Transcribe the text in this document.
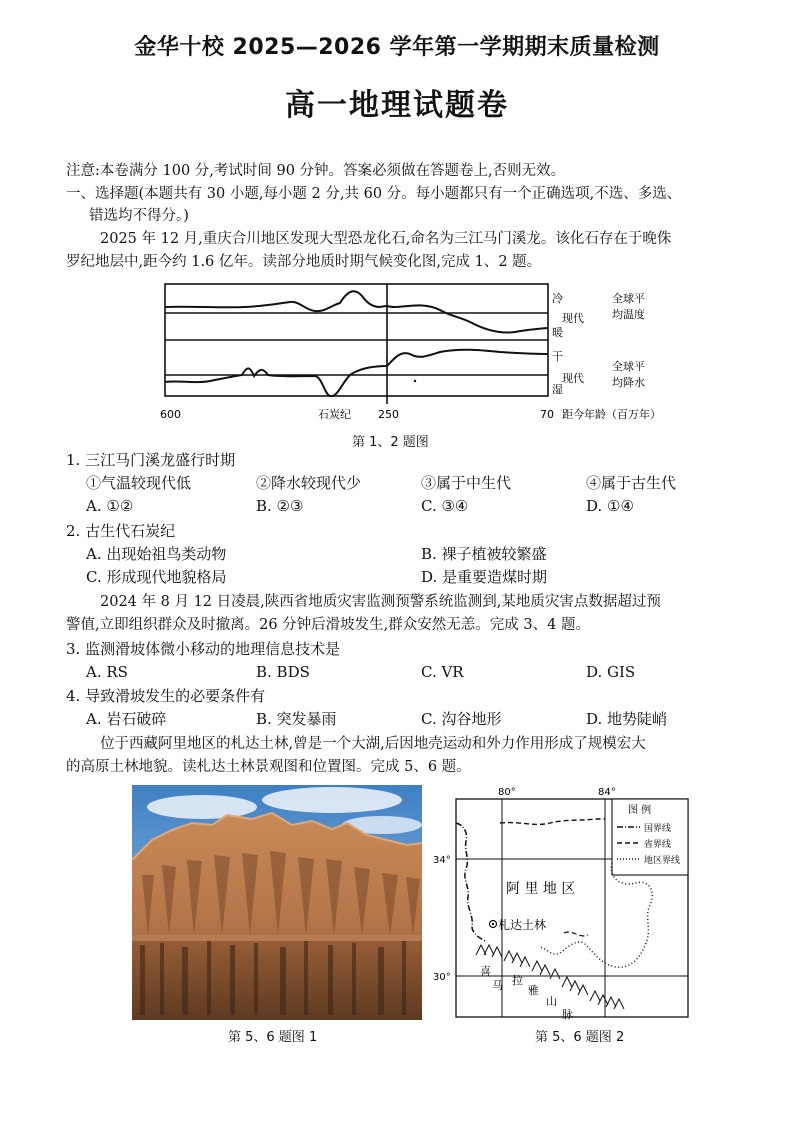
金华十校 2025—2026 学年第一学期期末质量检测
高一地理试题卷
注意:本卷满分 100 分,考试时间 90 分钟。答案必须做在答题卷上,否则无效。
一、选择题(本题共有 30 小题,每小题 2 分,共 60 分。每小题都只有一个正确选项,不选、多选、
错选均不得分。)
2025 年 12 月,重庆合川地区发现大型恐龙化石,命名为三江马门溪龙。该化石存在于晚侏
罗纪地层中,距今约 1.6 亿年。读部分地质时期气候变化图,完成 1、2 题。
冷
暖
现代
全球平
均温度
干
湿
现代
全球平
均降水
600	石炭纪 250	70 距今年龄（百万年）
第 1、2 题图
1. 三江马门溪龙盛行时期
①气温较现代低	②降水较现代少	③属于中生代	④属于古生代
A. ①②	B. ②③	C. ③④	D. ①④
2. 古生代石炭纪
A. 出现始祖鸟类动物	B. 裸子植被较繁盛
C. 形成现代地貌格局	D. 是重要造煤时期
2024 年 8 月 12 日凌晨,陕西省地质灾害监测预警系统监测到,某地质灾害点数据超过预
警值,立即组织群众及时撤离。26 分钟后滑坡发生,群众安然无恙。完成 3、4 题。
3. 监测滑坡体微小移动的地理信息技术是
A. RS	B. BDS	C. VR	D. GIS
4. 导致滑坡发生的必要条件有
A. 岩石破碎	B. 突发暴雨	C. 沟谷地形	D. 地势陡峭
位于西藏阿里地区的札达土林,曾是一个大湖,后因地壳运动和外力作用形成了规模宏大
的高原土林地貌。读札达土林景观图和位置图。完成 5、6 题。
第 5、6 题图 1
80°	84°
34°
30°
图 例
国界线
省界线
地区界线
阿 里 地 区
札达土林
喜
马 拉
雅
山
脉
第 5、6 题图 2
